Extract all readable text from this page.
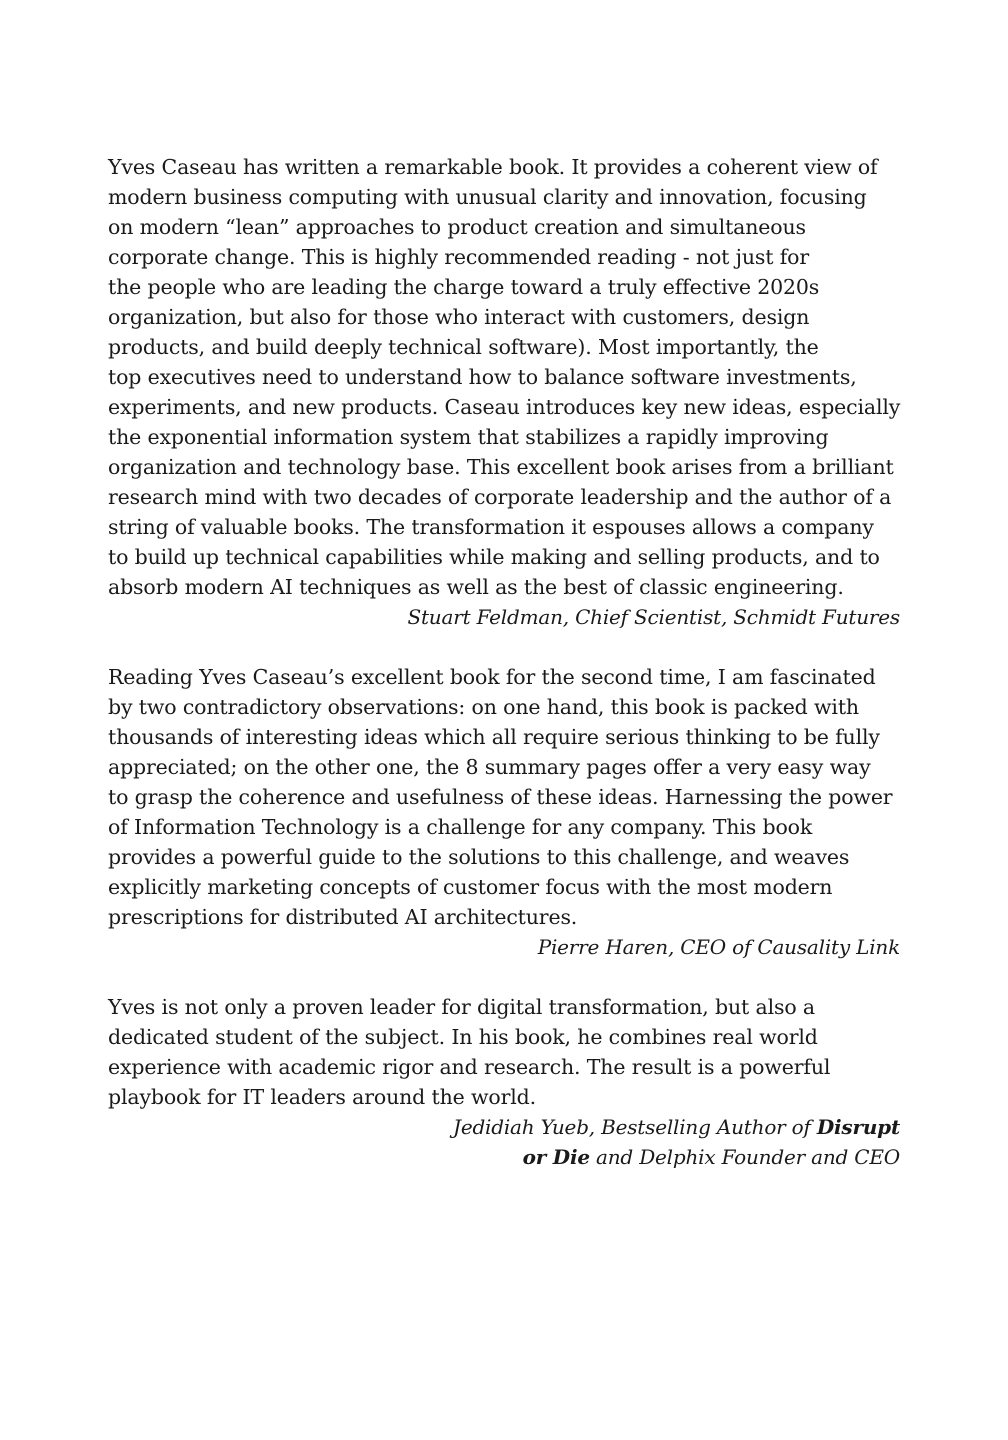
Yves Caseau has written a remarkable book. It provides a coherent view of
modern business computing with unusual clarity and innovation, focusing
on modern “lean” approaches to product creation and simultaneous
corporate change. This is highly recommended reading - not just for
the people who are leading the charge toward a truly effective 2020s
organization, but also for those who interact with customers, design
products, and build deeply technical software). Most importantly, the
top executives need to understand how to balance software investments,
experiments, and new products. Caseau introduces key new ideas, especially
the exponential information system that stabilizes a rapidly improving
organization and technology base. This excellent book arises from a brilliant
research mind with two decades of corporate leadership and the author of a
string of valuable books. The transformation it espouses allows a company
to build up technical capabilities while making and selling products, and to
absorb modern AI techniques as well as the best of classic engineering.
Stuart Feldman, Chief Scientist, Schmidt Futures
Reading Yves Caseau’s excellent book for the second time, I am fascinated
by two contradictory observations: on one hand, this book is packed with
thousands of interesting ideas which all require serious thinking to be fully
appreciated; on the other one, the 8 summary pages offer a very easy way
to grasp the coherence and usefulness of these ideas. Harnessing the power
of Information Technology is a challenge for any company. This book
provides a powerful guide to the solutions to this challenge, and weaves
explicitly marketing concepts of customer focus with the most modern
prescriptions for distributed AI architectures.
Pierre Haren, CEO of Causality Link
Yves is not only a proven leader for digital transformation, but also a
dedicated student of the subject. In his book, he combines real world
experience with academic rigor and research. The result is a powerful
playbook for IT leaders around the world.
Jedidiah Yueb, Bestselling Author of Disrupt
or Die and Delphix Founder and CEO
